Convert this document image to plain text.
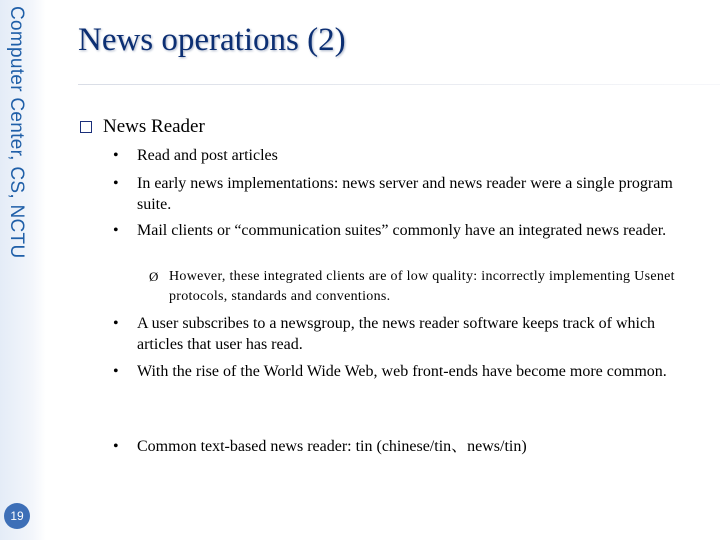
Computer Center, CS, NCTU
19
News operations (2)
News Reader
•	Read and post articles
•	In early news implementations: news server and news reader were a single program suite.
•	Mail clients or “communication suites” commonly have an integrated news reader.
Ø However, these integrated clients are of low quality: incorrectly implementing Usenet protocols, standards and conventions.
•	A user subscribes to a newsgroup, the news reader software keeps track of which articles that user has read.
•	With the rise of the World Wide Web, web front-ends have become more common.
•	Common text-based news reader: tin (chinese/tin、news/tin)
